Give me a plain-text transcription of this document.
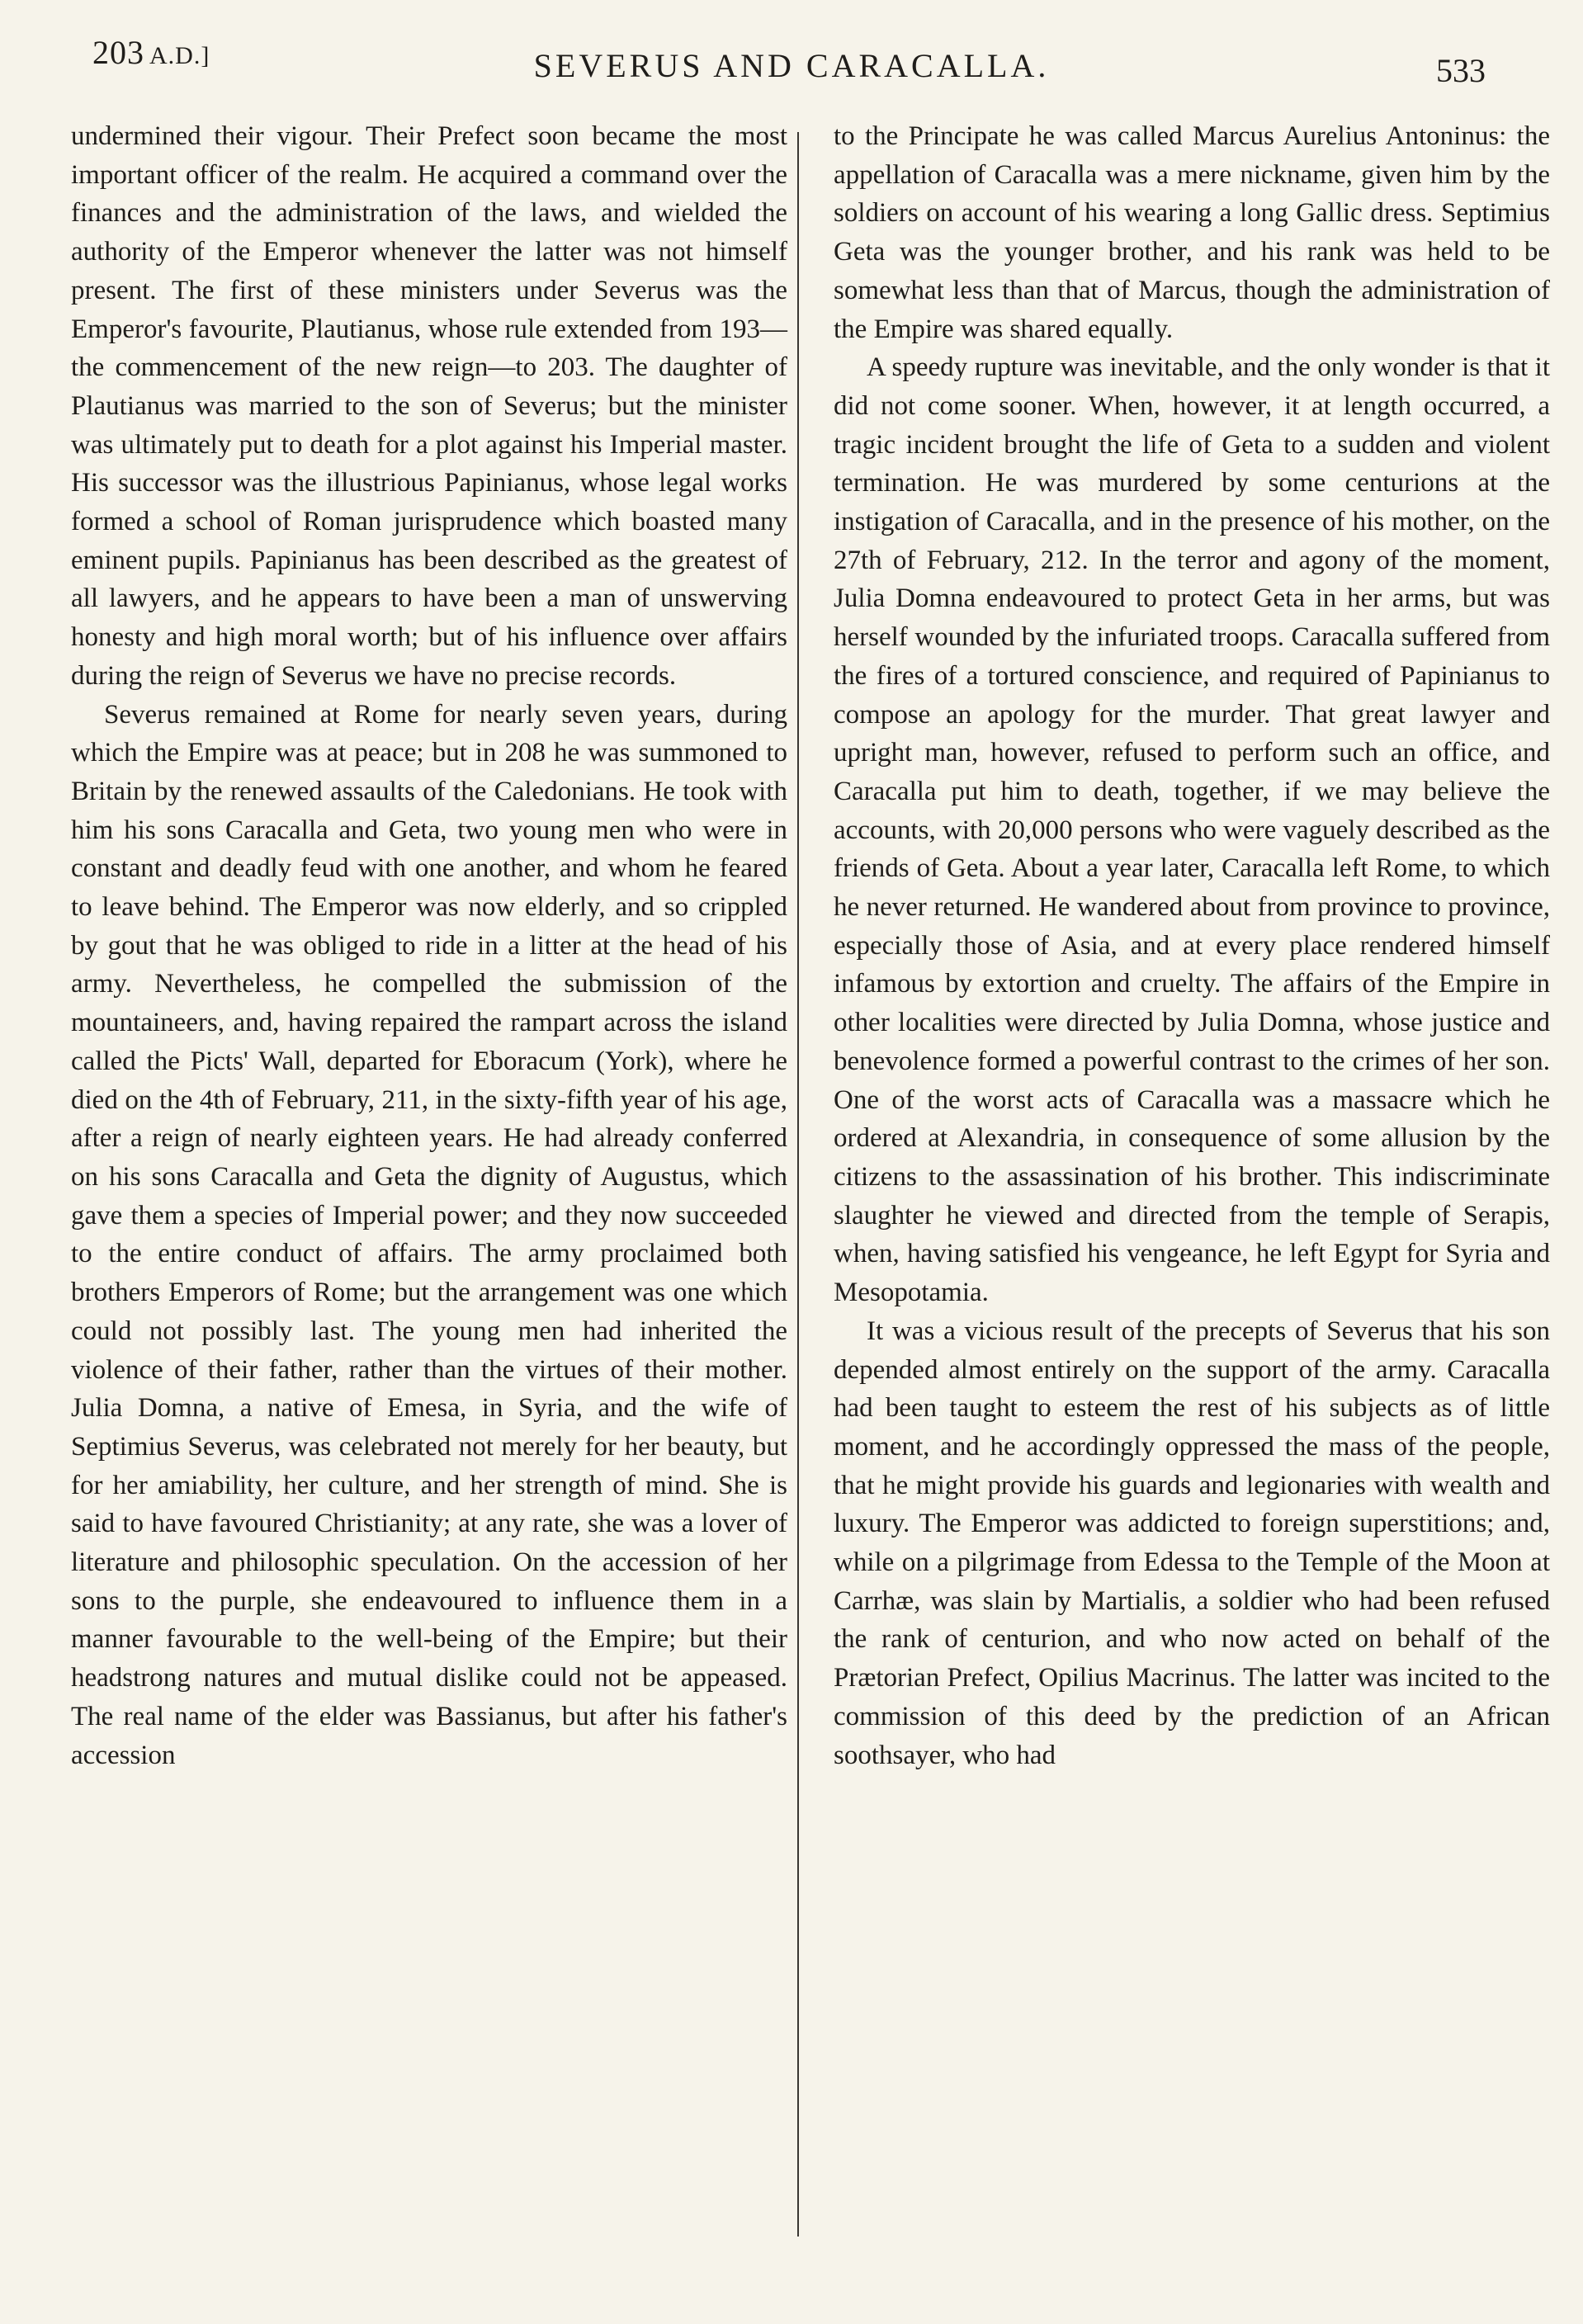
203 A.D.]	SEVERUS AND CARACALLA.	533

undermined their vigour. Their Prefect soon became the most important officer of the realm. He acquired a command over the finances and the administration of the laws, and wielded the authority of the Emperor whenever the latter was not himself present. The first of these ministers under Severus was the Emperor's favourite, Plautianus, whose rule extended from 193—the commencement of the new reign—to 203. The daughter of Plautianus was married to the son of Severus; but the minister was ultimately put to death for a plot against his Imperial master. His successor was the illustrious Papinianus, whose legal works formed a school of Roman jurisprudence which boasted many eminent pupils. Papinianus has been described as the greatest of all lawyers, and he appears to have been a man of unswerving honesty and high moral worth; but of his influence over affairs during the reign of Severus we have no precise records.

Severus remained at Rome for nearly seven years, during which the Empire was at peace; but in 208 he was summoned to Britain by the renewed assaults of the Caledonians. He took with him his sons Caracalla and Geta, two young men who were in constant and deadly feud with one another, and whom he feared to leave behind. The Emperor was now elderly, and so crippled by gout that he was obliged to ride in a litter at the head of his army. Nevertheless, he compelled the submission of the mountaineers, and, having repaired the rampart across the island called the Picts' Wall, departed for Eboracum (York), where he died on the 4th of February, 211, in the sixty-fifth year of his age, after a reign of nearly eighteen years. He had already conferred on his sons Caracalla and Geta the dignity of Augustus, which gave them a species of Imperial power; and they now succeeded to the entire conduct of affairs. The army proclaimed both brothers Emperors of Rome; but the arrangement was one which could not possibly last. The young men had inherited the violence of their father, rather than the virtues of their mother. Julia Domna, a native of Emesa, in Syria, and the wife of Septimius Severus, was celebrated not merely for her beauty, but for her amiability, her culture, and her strength of mind. She is said to have favoured Christianity; at any rate, she was a lover of literature and philosophic speculation. On the accession of her sons to the purple, she endeavoured to influence them in a manner favourable to the well-being of the Empire; but their headstrong natures and mutual dislike could not be appeased. The real name of the elder was Bassianus, but after his father's accession

to the Principate he was called Marcus Aurelius Antoninus: the appellation of Caracalla was a mere nickname, given him by the soldiers on account of his wearing a long Gallic dress. Septimius Geta was the younger brother, and his rank was held to be somewhat less than that of Marcus, though the administration of the Empire was shared equally.

A speedy rupture was inevitable, and the only wonder is that it did not come sooner. When, however, it at length occurred, a tragic incident brought the life of Geta to a sudden and violent termination. He was murdered by some centurions at the instigation of Caracalla, and in the presence of his mother, on the 27th of February, 212. In the terror and agony of the moment, Julia Domna endeavoured to protect Geta in her arms, but was herself wounded by the infuriated troops. Caracalla suffered from the fires of a tortured conscience, and required of Papinianus to compose an apology for the murder. That great lawyer and upright man, however, refused to perform such an office, and Caracalla put him to death, together, if we may believe the accounts, with 20,000 persons who were vaguely described as the friends of Geta. About a year later, Caracalla left Rome, to which he never returned. He wandered about from province to province, especially those of Asia, and at every place rendered himself infamous by extortion and cruelty. The affairs of the Empire in other localities were directed by Julia Domna, whose justice and benevolence formed a powerful contrast to the crimes of her son. One of the worst acts of Caracalla was a massacre which he ordered at Alexandria, in consequence of some allusion by the citizens to the assassination of his brother. This indiscriminate slaughter he viewed and directed from the temple of Serapis, when, having satisfied his vengeance, he left Egypt for Syria and Mesopotamia.

It was a vicious result of the precepts of Severus that his son depended almost entirely on the support of the army. Caracalla had been taught to esteem the rest of his subjects as of little moment, and he accordingly oppressed the mass of the people, that he might provide his guards and legionaries with wealth and luxury. The Emperor was addicted to foreign superstitions; and, while on a pilgrimage from Edessa to the Temple of the Moon at Carrhæ, was slain by Martialis, a soldier who had been refused the rank of centurion, and who now acted on behalf of the Prætorian Prefect, Opilius Macrinus. The latter was incited to the commission of this deed by the prediction of an African soothsayer, who had
